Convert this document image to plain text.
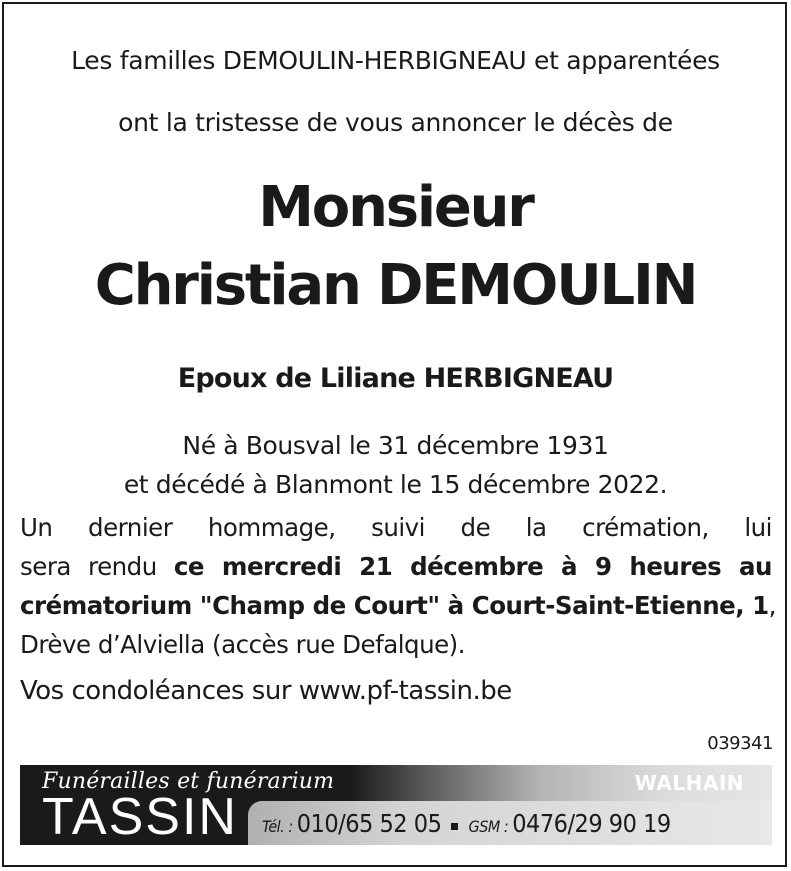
Les familles DEMOULIN-HERBIGNEAU et apparentées

ont la tristesse de vous annoncer le décès de

Monsieur

Christian DEMOULIN

Epoux de Liliane HERBIGNEAU

Né à Bousval le 31 décembre 1931

et décédé à Blanmont le 15 décembre 2022.

Un dernier hommage, suivi de la crémation, lui
sera rendu ce mercredi 21 décembre à 9 heures au
crématorium "Champ de Court" à Court-Saint-Etienne, 1,
Drève d’Alviella (accès rue Defalque).

Vos condoléances sur www.pf-tassin.be

039341

Funérailles et funérarium
TASSIN
WALHAIN
Tél. : 010/65 52 05 GSM : 0476/29 90 19
